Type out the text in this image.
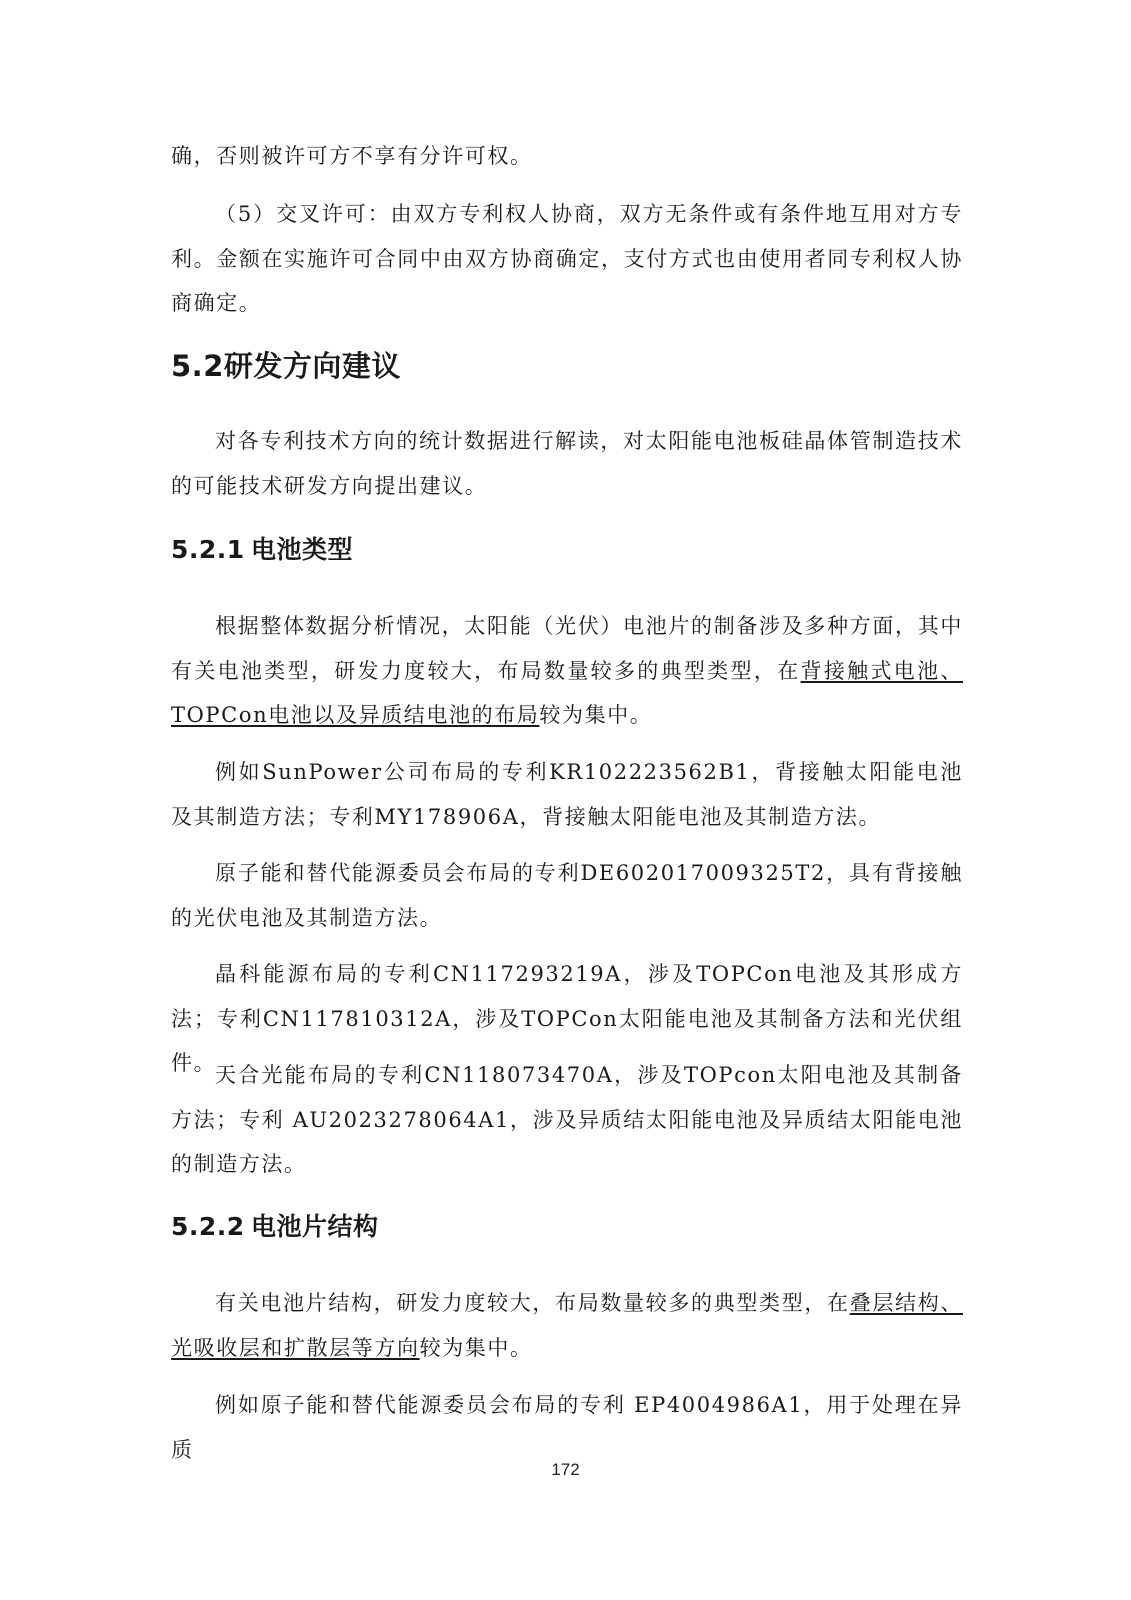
确，否则被许可方不享有分许可权。

（5）交叉许可：由双方专利权人协商，双方无条件或有条件地互用对方专利。金额在实施许可合同中由双方协商确定，支付方式也由使用者同专利权人协商确定。

5.2研发方向建议

对各专利技术方向的统计数据进行解读，对太阳能电池板硅晶体管制造技术的可能技术研发方向提出建议。

5.2.1 电池类型

根据整体数据分析情况，太阳能（光伏）电池片的制备涉及多种方面，其中有关电池类型，研发力度较大，布局数量较多的典型类型，在背接触式电池、TOPCon电池以及异质结电池的布局较为集中。

例如SunPower公司布局的专利KR102223562B1，背接触太阳能电池及其制造方法；专利MY178906A，背接触太阳能电池及其制造方法。

原子能和替代能源委员会布局的专利DE602017009325T2，具有背接触的光伏电池及其制造方法。

晶科能源布局的专利CN117293219A，涉及TOPCon电池及其形成方法；专利CN117810312A，涉及TOPCon太阳能电池及其制备方法和光伏组件。

天合光能布局的专利CN118073470A，涉及TOPcon太阳电池及其制备方法；专利 AU2023278064A1，涉及异质结太阳能电池及异质结太阳能电池的制造方法。

5.2.2 电池片结构

有关电池片结构，研发力度较大，布局数量较多的典型类型，在叠层结构、光吸收层和扩散层等方向较为集中。

例如原子能和替代能源委员会布局的专利 EP4004986A1，用于处理在异质

172
